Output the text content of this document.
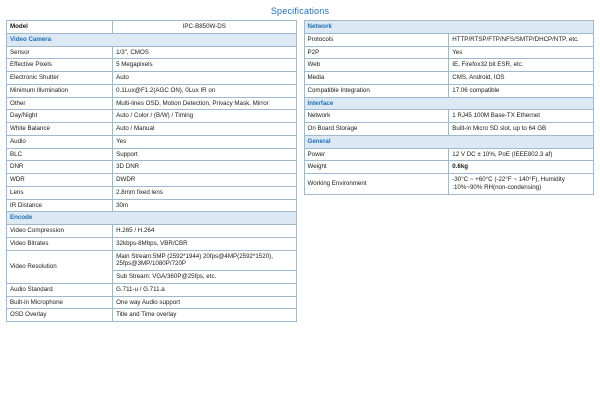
Specifications
Model	IPC-B850W-DS
Video Camera	
Sensor	1/3", CMOS
Effective Pixels	5 Megapixels
Electronic Shutter	Auto
Minimum Illumination	0.1Lux@F1.2(AGC ON), 0Lux IR on
Other	Multi-lines OSD, Motion Detection, Privacy Mask, Mirror
Day/Night	Auto / Color / (B/W) / Timing
White Balance	Auto / Manual
Audio	Yes
BLC	Support
DNR	3D DNR
WDR	DWDR
Lens	2.8mm fixed lens
IR Distance	30m
Encode	
Video Compression	H.265 / H.264
Video Bitrates	32kbps-8Mbps, VBR/CBR
Video Resolution	Main Stream:5MP (2592*1944) 20fps@4MP(2592*1520), 25fps@3MP/1080P/720P
Sub Stream: VGA/360P@25fps, etc.

Audio Standard	G.711-u / G.711.a
Built-in Microphone	One way Audio support
OSD Overlay	Title and Time overlay
Network	
Protocols	HTTP/RTSP/FTP/NFS/SMTP/DHCP/NTP, etc.
P2P	Yes
Web	IE, Firefox32 bit ESR, etc.
Media	CMS, Android, IOS
Compatible Integration	17.06 compatible
Interface	
Network	1 RJ45 100M Base-TX Ethernet
On Board Storage	Built-in Micro SD slot, up to 64 GB
General	
Power	12 V DC ± 10%, PoE (IEEE802.3 af)
Weight	0.6kg
Working Environment	-30°C ~ +60°C (-22°F ~ 140°F), Humidity :10%~90% RH(non-condensing)
